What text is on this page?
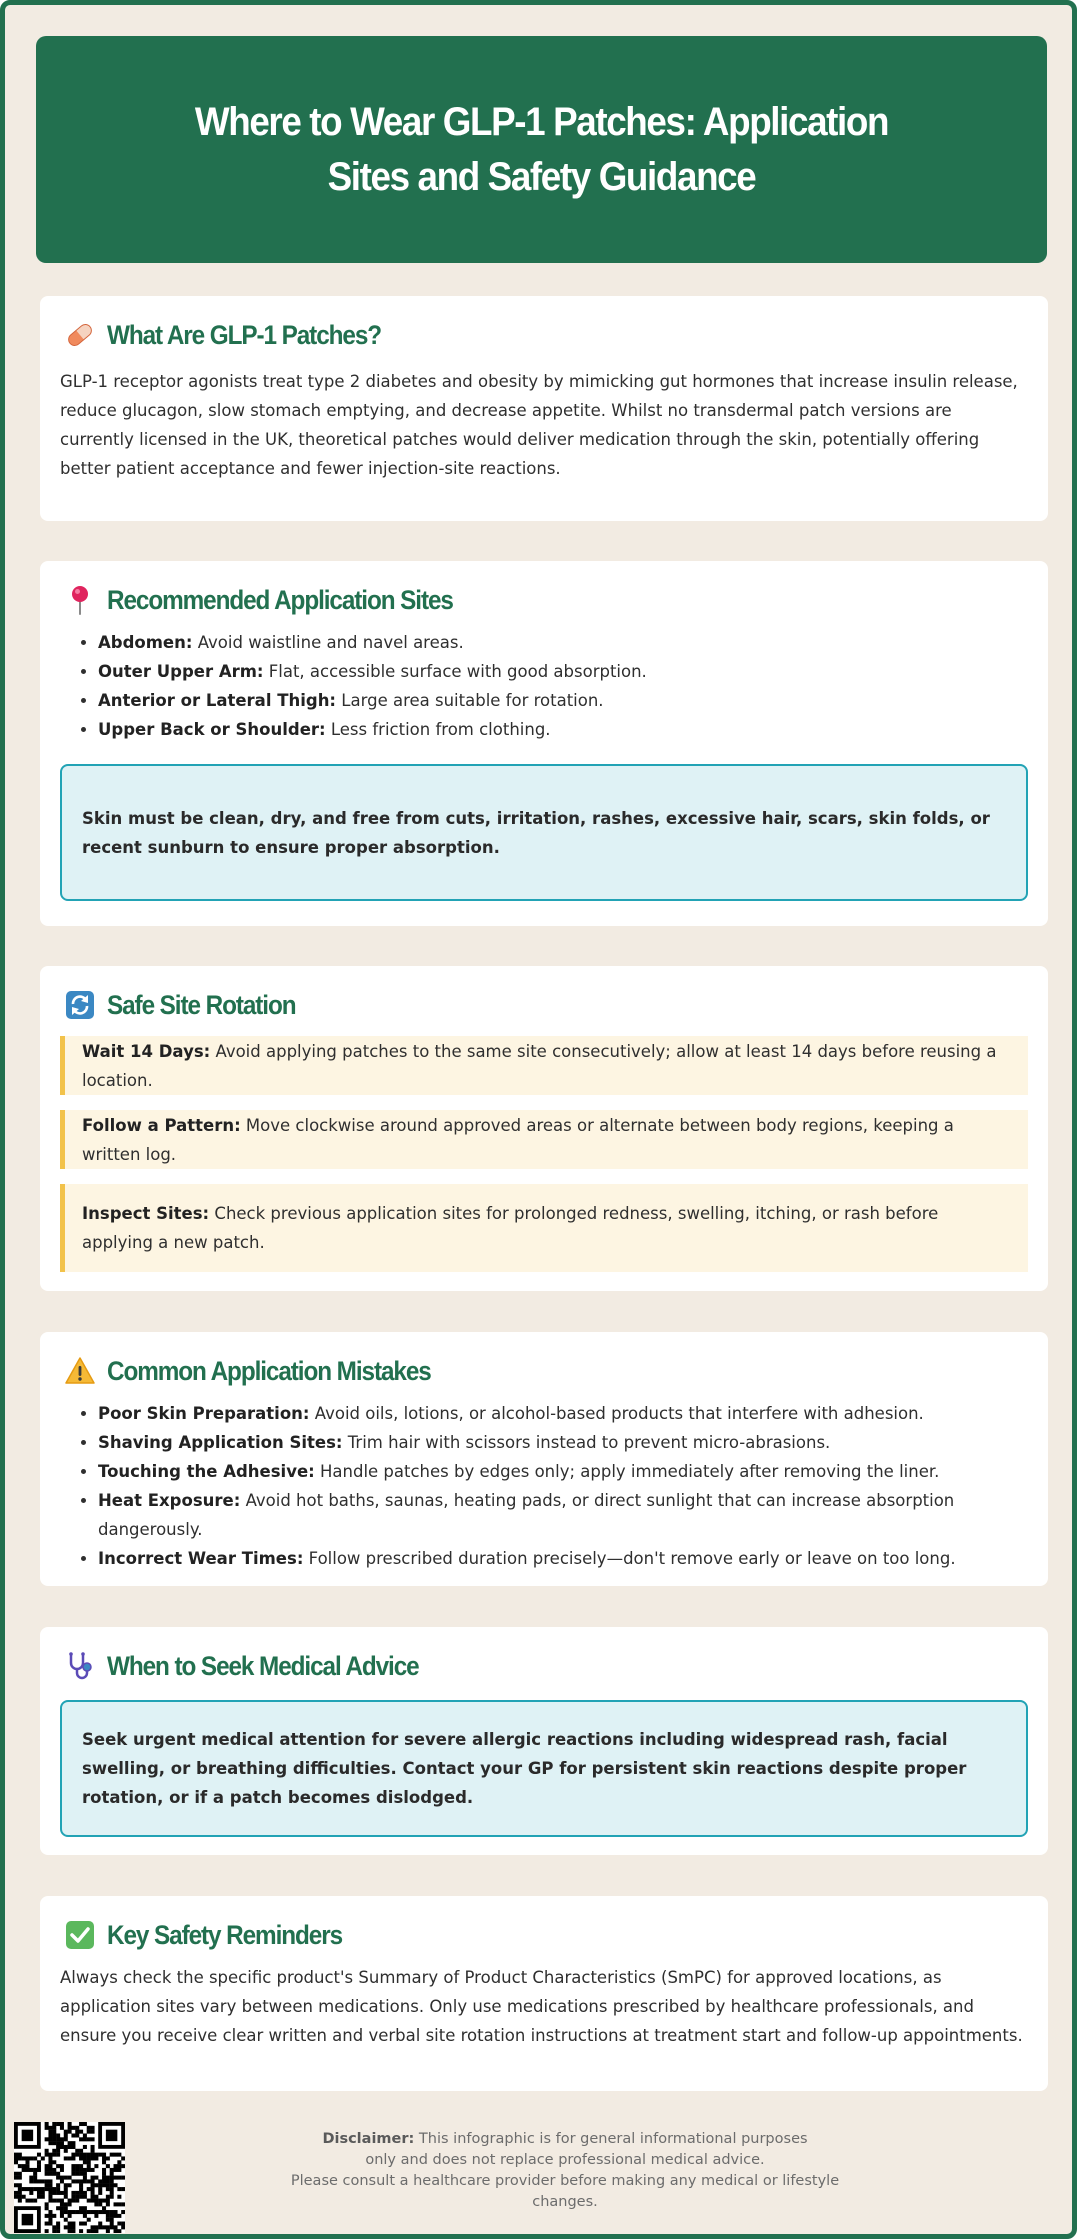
Where to Wear GLP-1 Patches: Application Sites and Safety Guidance
What Are GLP-1 Patches?

GLP-1 receptor agonists treat type 2 diabetes and obesity by mimicking gut hormones that increase insulin release, reduce glucagon, slow stomach emptying, and decrease appetite. Whilst no transdermal patch versions are currently licensed in the UK, theoretical patches would deliver medication through the skin, potentially offering better patient acceptance and fewer injection-site reactions.

Recommended Application Sites
• Abdomen: Avoid waistline and navel areas.
• Outer Upper Arm: Flat, accessible surface with good absorption.
• Anterior or Lateral Thigh: Large area suitable for rotation.
• Upper Back or Shoulder: Less friction from clothing.

Skin must be clean, dry, and free from cuts, irritation, rashes, excessive hair, scars, skin folds, or recent sunburn to ensure proper absorption.

Safe Site Rotation

Wait 14 Days: Avoid applying patches to the same site consecutively; allow at least 14 days before reusing a location.

Follow a Pattern: Move clockwise around approved areas or alternate between body regions, keeping a written log.

Inspect Sites: Check previous application sites for prolonged redness, swelling, itching, or rash before applying a new patch.

Common Application Mistakes
• Poor Skin Preparation: Avoid oils, lotions, or alcohol-based products that interfere with adhesion.
• Shaving Application Sites: Trim hair with scissors instead to prevent micro-abrasions.
• Touching the Adhesive: Handle patches by edges only; apply immediately after removing the liner.
• Heat Exposure: Avoid hot baths, saunas, heating pads, or direct sunlight that can increase absorption dangerously.
• Incorrect Wear Times: Follow prescribed duration precisely—don't remove early or leave on too long.
When to Seek Medical Advice

Seek urgent medical attention for severe allergic reactions including widespread rash, facial swelling, or breathing difficulties. Contact your GP for persistent skin reactions despite proper rotation, or if a patch becomes dislodged.

Key Safety Reminders

Always check the specific product's Summary of Product Characteristics (SmPC) for approved locations, as application sites vary between medications. Only use medications prescribed by healthcare professionals, and ensure you receive clear written and verbal site rotation instructions at treatment start and follow-up appointments.

Disclaimer: This infographic is for general informational purposes
only and does not replace professional medical advice.
Please consult a healthcare provider before making any medical or lifestyle changes.
